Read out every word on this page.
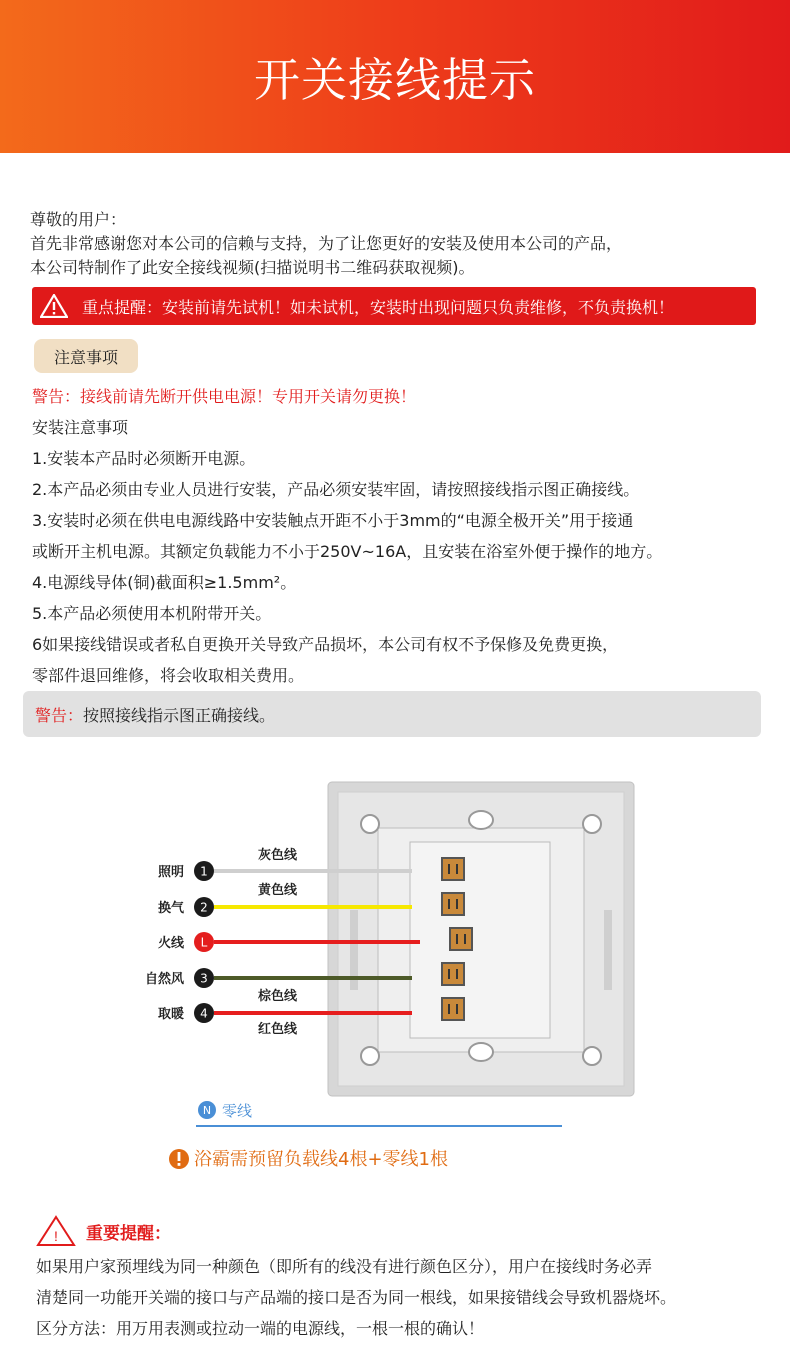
开关接线提示
尊敬的用户：
首先非常感谢您对本公司的信赖与支持，为了让您更好的安装及使用本公司的产品，
本公司特制作了此安全接线视频(扫描说明书二维码获取视频)。
重点提醒：安装前请先试机！如未试机，安装时出现问题只负责维修，不负责换机！
注意事项
警告：接线前请先断开供电电源！专用开关请勿更换！
安装注意事项
1.安装本产品时必须断开电源。
2.本产品必须由专业人员进行安装，产品必须安装牢固，请按照接线指示图正确接线。
3.安装时必须在供电电源线路中安装触点开距不小于3mm的“电源全极开关”用于接通
或断开主机电源。其额定负载能力不小于250V~16A，且安装在浴室外便于操作的地方。
4.电源线导体(铜)截面积≥1.5mm²。
5.本产品必须使用本机附带开关。
6如果接线错误或者私自更换开关导致产品损坏，本公司有权不予保修及免费更换，
零部件退回维修，将会收取相关费用。
警告： 按照接线指示图正确接线。
灰色线
黄色线
棕色线
红色线
照明
换气
火线
自然风
取暖
1
2
L
3
4
N 零线
浴霸需预留负载线4根+零线1根
! 重要提醒：
如果用户家预埋线为同一种颜色（即所有的线没有进行颜色区分），用户在接线时务必弄
清楚同一功能开关端的接口与产品端的接口是否为同一根线，如果接错线会导致机器烧坏。
区分方法：用万用表测或拉动一端的电源线，一根一根的确认！
